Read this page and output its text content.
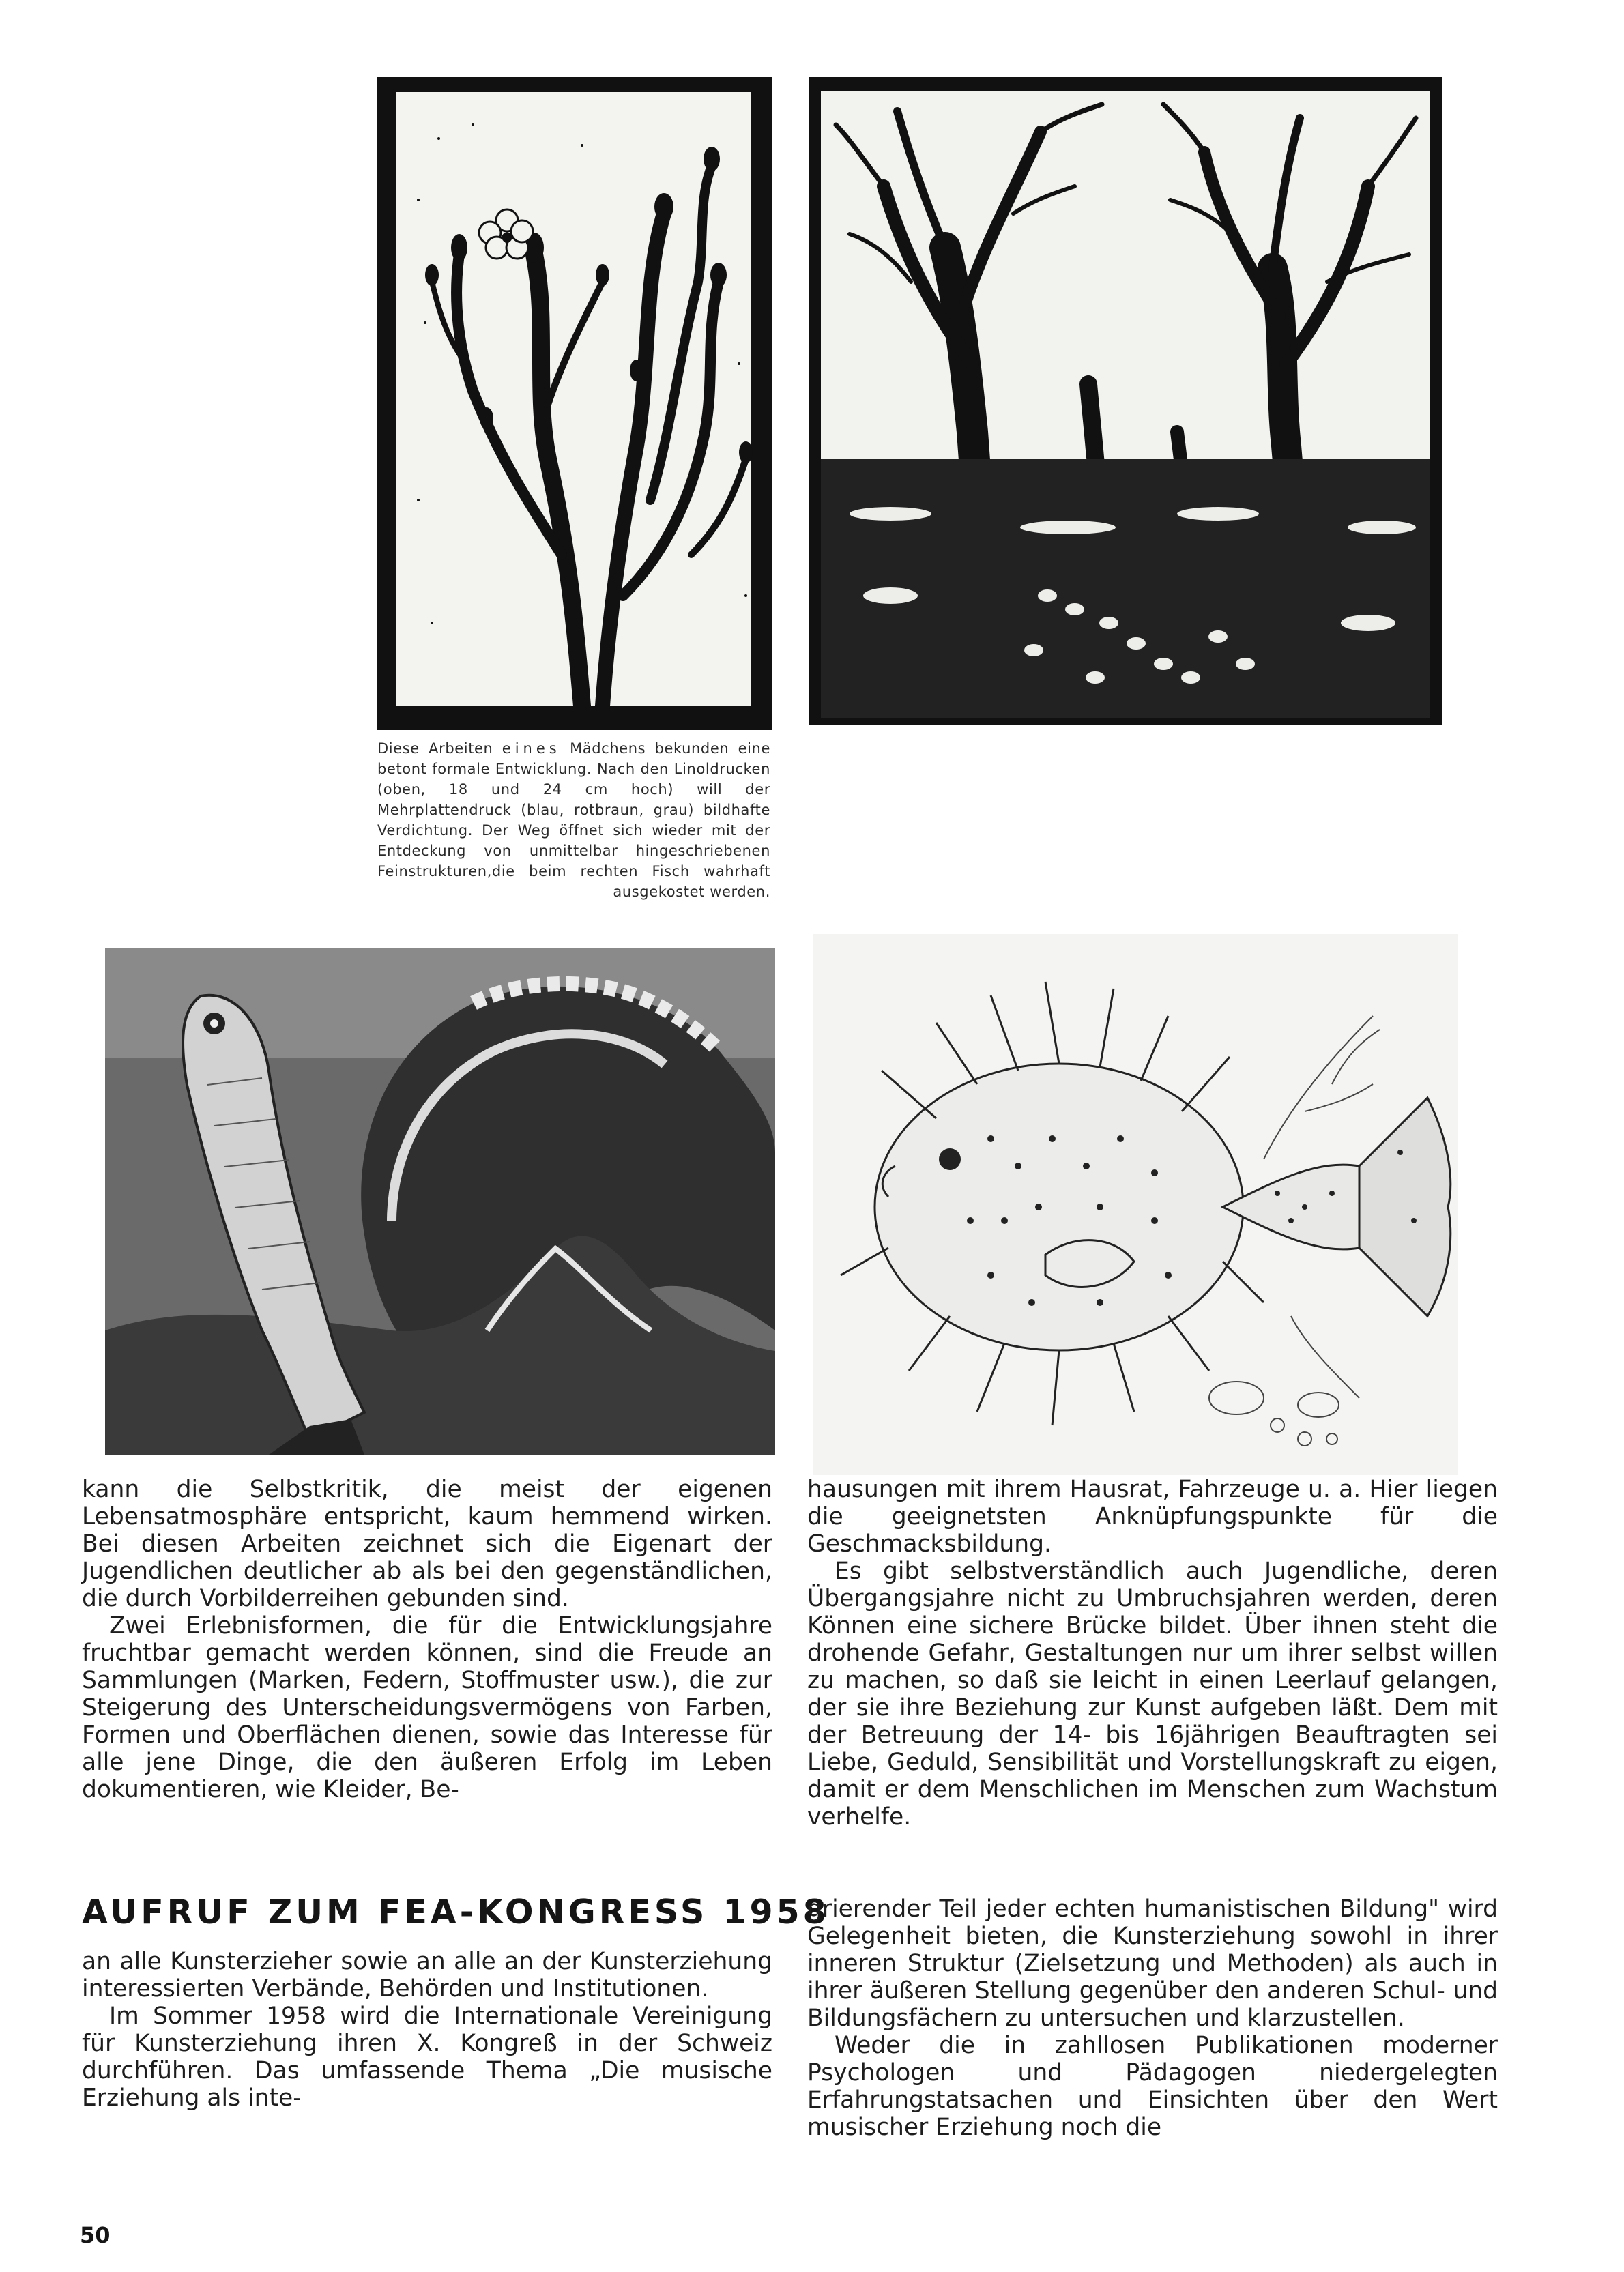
Diese Arbeiten eines Mädchens bekunden eine betont formale Entwicklung. Nach den Linoldrucken (oben, 18 und 24 cm hoch) will der Mehrplattendruck (blau, rotbraun, grau) bildhafte Verdichtung. Der Weg öffnet sich wieder mit der Entdeckung von unmittelbar hingeschriebenen Feinstrukturen,die beim rechten Fisch wahrhaft ausgekostet werden.

kann die Selbstkritik, die meist der eigenen Lebensatmosphäre entspricht, kaum hemmend wirken. Bei diesen Arbeiten zeichnet sich die Eigenart der Jugendlichen deutlicher ab als bei den gegenständlichen, die durch Vorbilderreihen gebunden sind.

Zwei Erlebnisformen, die für die Entwicklungsjahre fruchtbar gemacht werden können, sind die Freude an Sammlungen (Marken, Federn, Stoffmuster usw.), die zur Steigerung des Unterscheidungsvermögens von Farben, Formen und Oberflächen dienen, sowie das Interesse für alle jene Dinge, die den äußeren Erfolg im Leben dokumentieren, wie Kleider, Be-

hausungen mit ihrem Hausrat, Fahrzeuge u. a. Hier liegen die geeignetsten Anknüpfungspunkte für die Geschmacksbildung.

Es gibt selbstverständlich auch Jugendliche, deren Übergangsjahre nicht zu Umbruchsjahren werden, deren Können eine sichere Brücke bildet. Über ihnen steht die drohende Gefahr, Gestaltungen nur um ihrer selbst willen zu machen, so daß sie leicht in einen Leerlauf gelangen, der sie ihre Beziehung zur Kunst aufgeben läßt. Dem mit der Betreuung der 14- bis 16jährigen Beauftragten sei Liebe, Geduld, Sensibilität und Vorstellungskraft zu eigen, damit er dem Menschlichen im Menschen zum Wachstum verhelfe.

AUFRUF ZUM FEA-KONGRESS 1958

an alle Kunsterzieher sowie an alle an der Kunsterziehung interessierten Verbände, Behörden und Institutionen.

Im Sommer 1958 wird die Internationale Vereinigung für Kunsterziehung ihren X. Kongreß in der Schweiz durchführen. Das umfassende Thema „Die musische Erziehung als inte-

grierender Teil jeder echten humanistischen Bildung" wird Gelegenheit bieten, die Kunsterziehung sowohl in ihrer inneren Struktur (Zielsetzung und Methoden) als auch in ihrer äußeren Stellung gegenüber den anderen Schul- und Bildungsfächern zu untersuchen und klarzustellen.

Weder die in zahllosen Publikationen moderner Psychologen und Pädagogen niedergelegten Erfahrungstatsachen und Einsichten über den Wert musischer Erziehung noch die

50
